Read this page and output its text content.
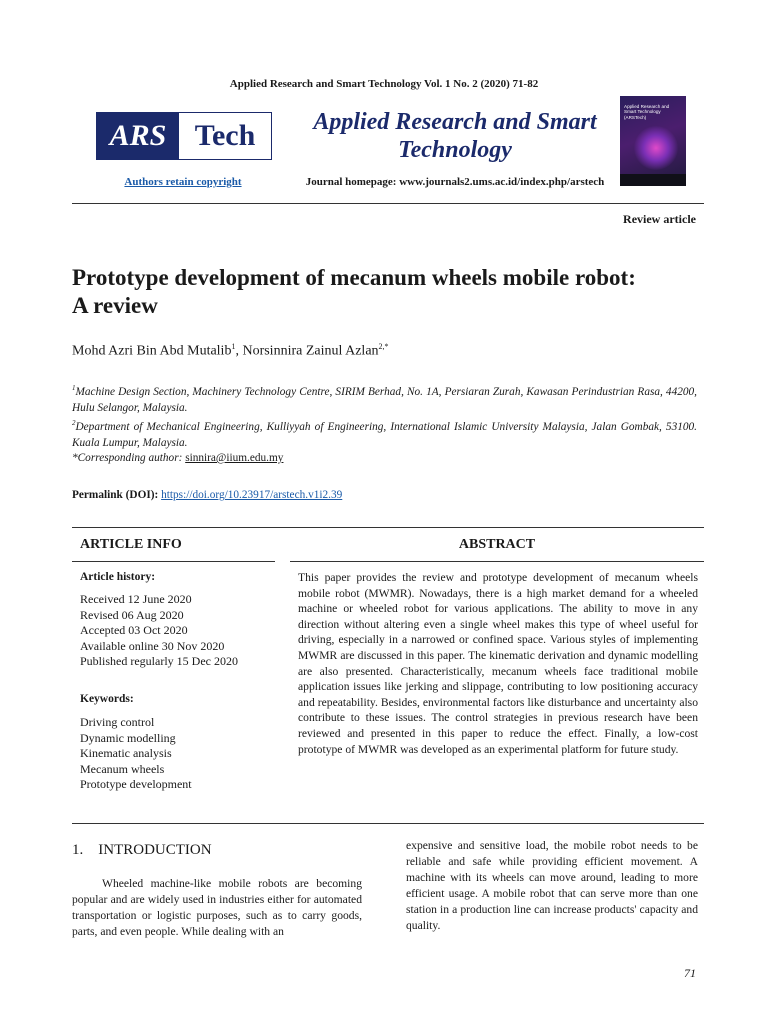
Applied Research and Smart Technology Vol. 1 No. 2 (2020) 71-82
ARS Tech
Authors retain copyright
Applied Research and Smart Technology
Journal homepage: www.journals2.ums.ac.id/index.php/arstech
Applied Research and Smart Technology (ARSTech)
Review article
Prototype development of mecanum wheels mobile robot:
A review
Mohd Azri Bin Abd Mutalib$^1$, Norsinnira Zainul Azlan$^{2,*}$
$^1$Machine Design Section, Machinery Technology Centre, SIRIM Berhad, No. 1A, Persiaran Zurah, Kawasan Perindustrian Rasa, 44200, Hulu Selangor, Malaysia.
$^2$Department of Mechanical Engineering, Kulliyyah of Engineering, International Islamic University Malaysia, Jalan Gombak, 53100. Kuala Lumpur, Malaysia.
*Corresponding author: sinnira@iium.edu.my
Permalink (DOI): https://doi.org/10.23917/arstech.v1i2.39
ARTICLE INFO	ABSTRACT
Article history:
Received 12 June 2020
Revised 06 Aug 2020
Accepted 03 Oct 2020
Available online 30 Nov 2020
Published regularly 15 Dec 2020
Keywords:
Driving control
Dynamic modelling
Kinematic analysis
Mecanum wheels
Prototype development
This paper provides the review and prototype development of mecanum wheels mobile robot (MWMR). Nowadays, there is a high market demand for a wheeled machine or wheeled robot for various applications. The ability to move in any direction without altering even a single wheel makes this type of wheel useful for driving, especially in a narrowed or confined space. Various styles of implementing MWMR are discussed in this paper. The kinematic derivation and dynamic modelling are also presented. Characteristically, mecanum wheels face traditional mobile application issues like jerking and slippage, contributing to low positioning accuracy and repeatability. Besides, environmental factors like disturbance and uncertainty also contribute to these issues. The control strategies in previous research have been reviewed and presented in this paper to reduce the effect. Finally, a low-cost prototype of MWMR was developed as an experimental platform for future study.
1.    INTRODUCTION
Wheeled machine-like mobile robots are becoming popular and are widely used in industries either for automated transportation or logistic purposes, such as to carry goods, parts, and even people. While dealing with an
expensive and sensitive load, the mobile robot needs to be reliable and safe while providing efficient movement. A machine with its wheels can move around, leading to more efficient usage. A mobile robot that can serve more than one station in a production line can increase products' capacity and quality.
71
